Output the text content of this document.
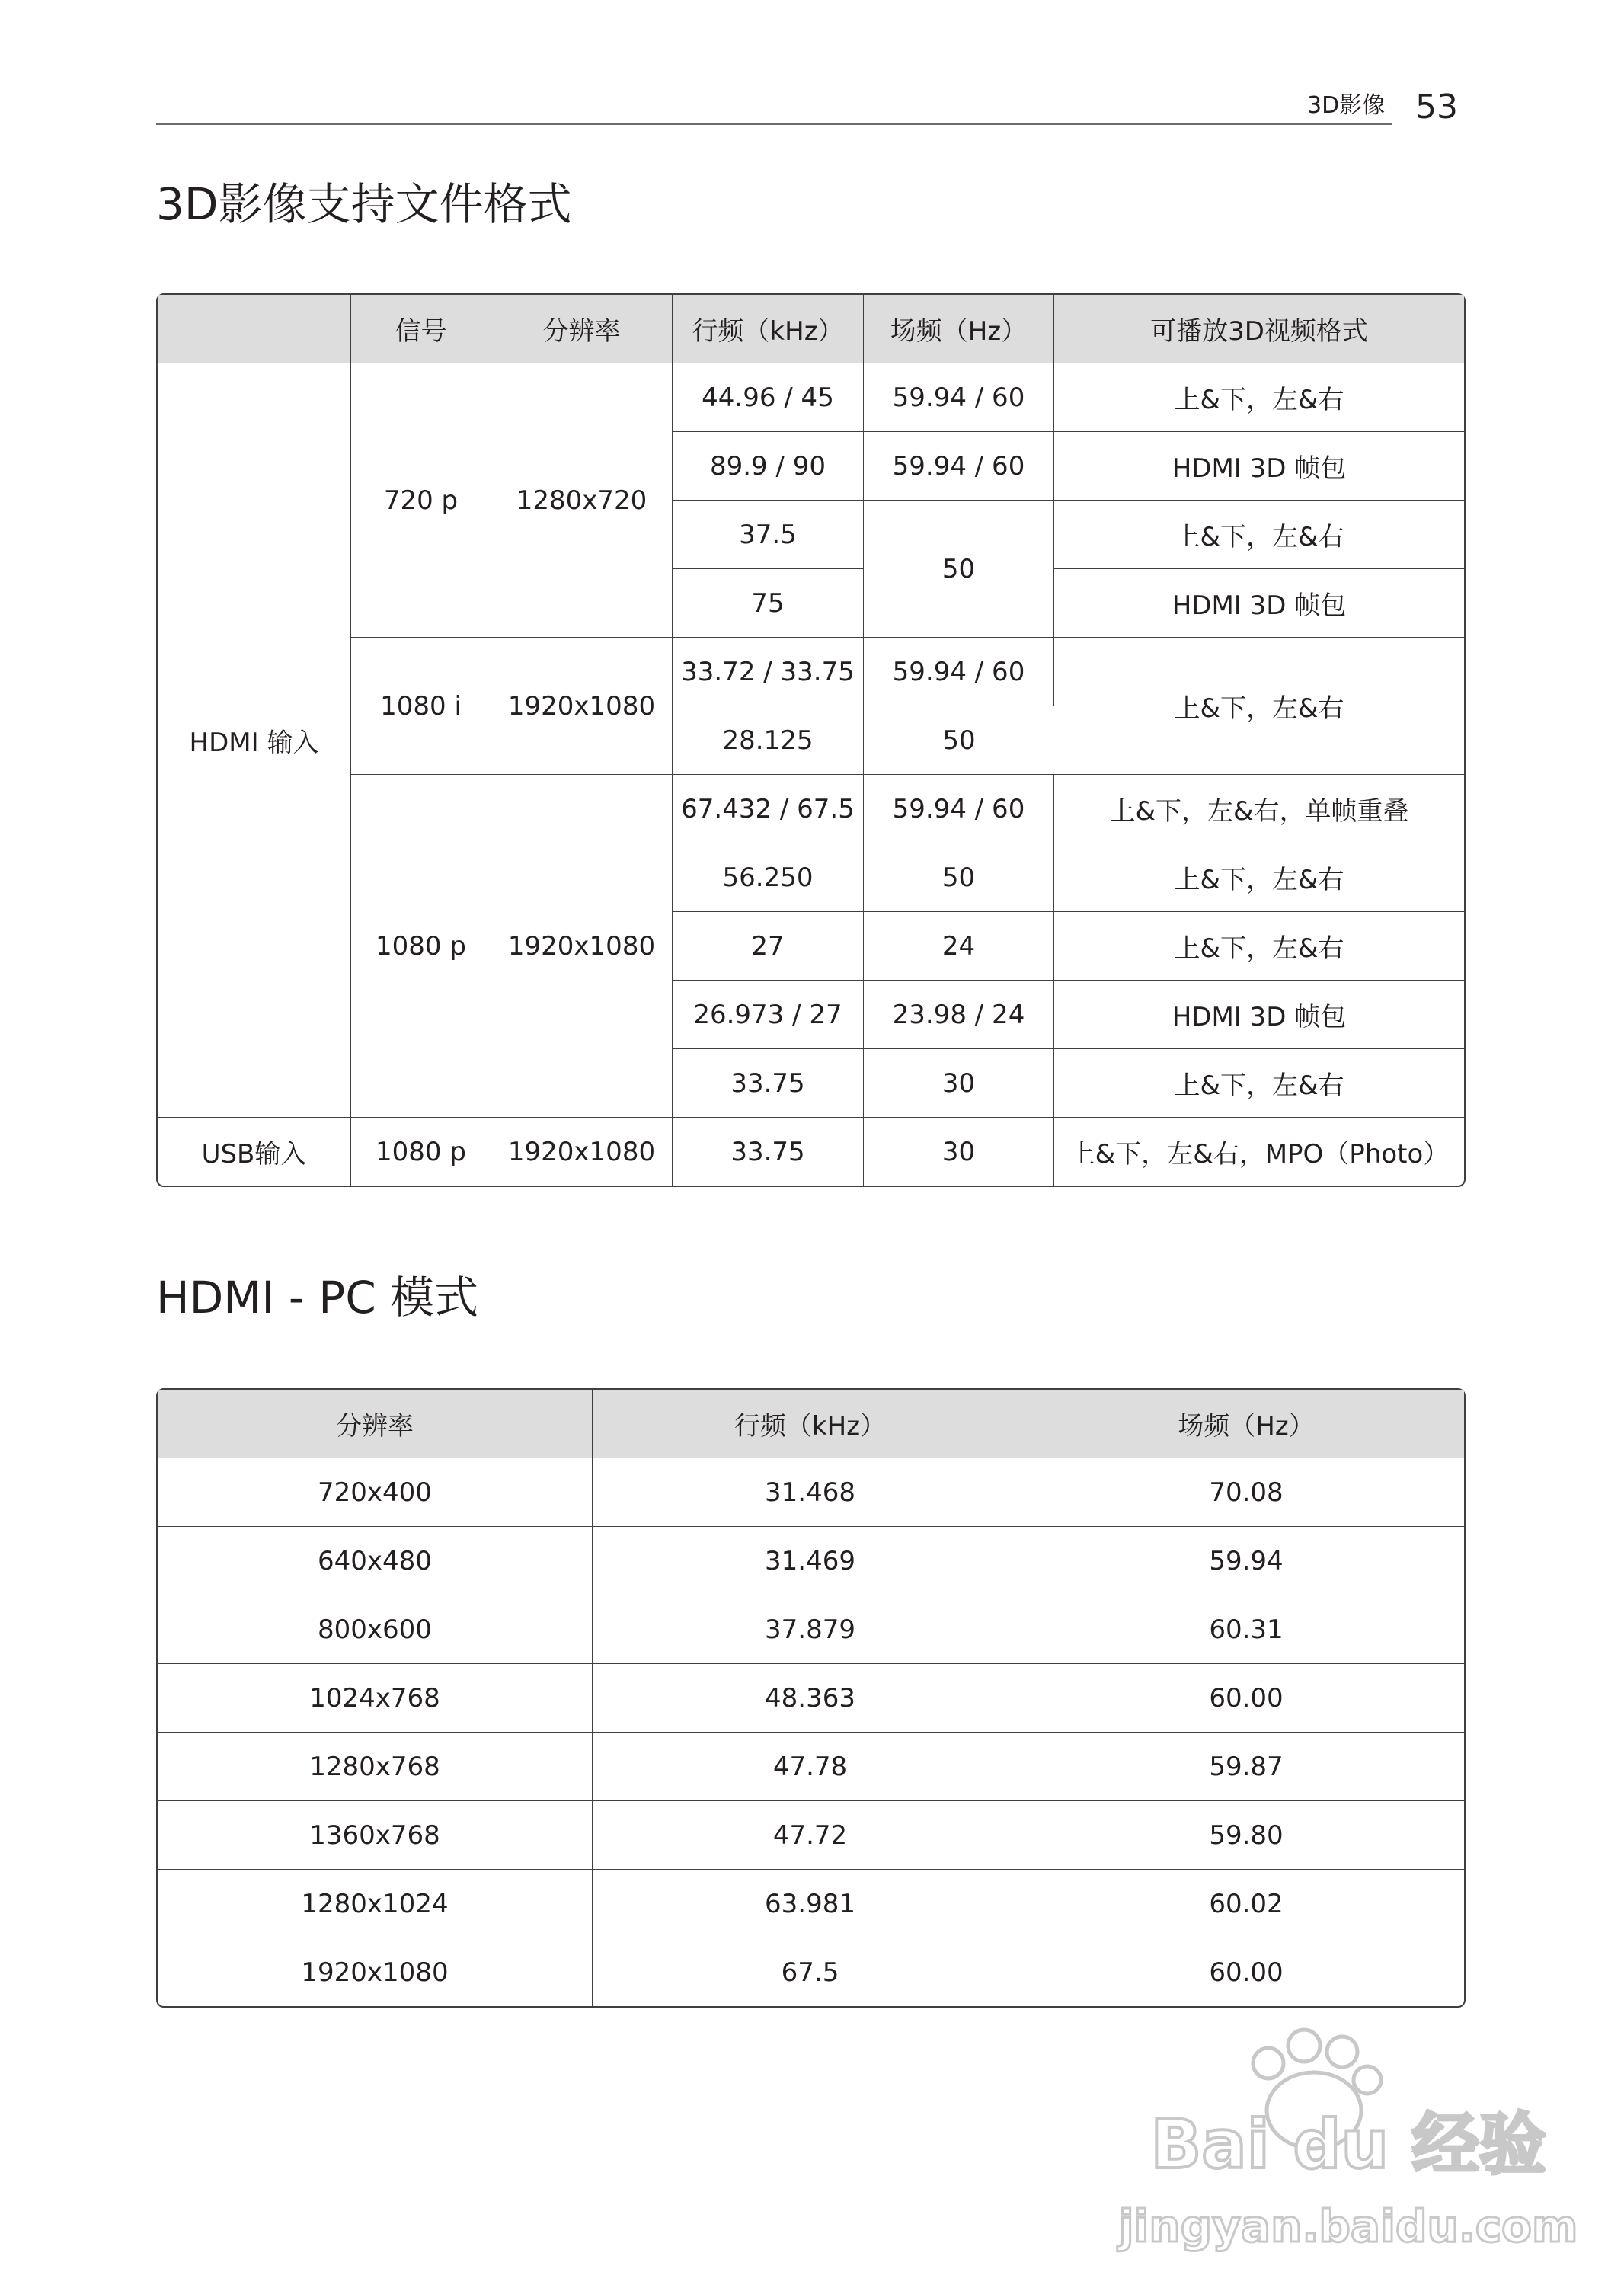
3D影像 53
3D影像支持文件格式
	信号	分辨率	行频（kHz）	场频（Hz）	可播放3D视频格式
HDMI 输入	720 p	1280x720	44.96 / 45	59.94 / 60	上&下，左&右
			89.9 / 90	59.94 / 60	HDMI 3D 帧包
			37.5	50	上&下，左&右
			75		HDMI 3D 帧包
	1080 i	1920x1080	33.72 / 33.75	59.94 / 60	上&下，左&右
			28.125	50	
	1080 p	1920x1080	67.432 / 67.5	59.94 / 60	上&下，左&右，单帧重叠
			56.250	50	上&下，左&右
			27	24	上&下，左&右
			26.973 / 27	23.98 / 24	HDMI 3D 帧包
			33.75	30	上&下，左&右
USB输入	1080 p	1920x1080	33.75	30	上&下，左&右，MPO（Photo）
HDMI - PC 模式
分辨率	行频（kHz）	场频（Hz）
720x400	31.468	70.08
640x480	31.469	59.94
800x600	37.879	60.31
1024x768	48.363	60.00
1280x768	47.78	59.87
1360x768	47.72	59.80
1280x1024	63.981	60.02
1920x1080	67.5	60.00
Bai du 经验
jingyan.baidu.com
